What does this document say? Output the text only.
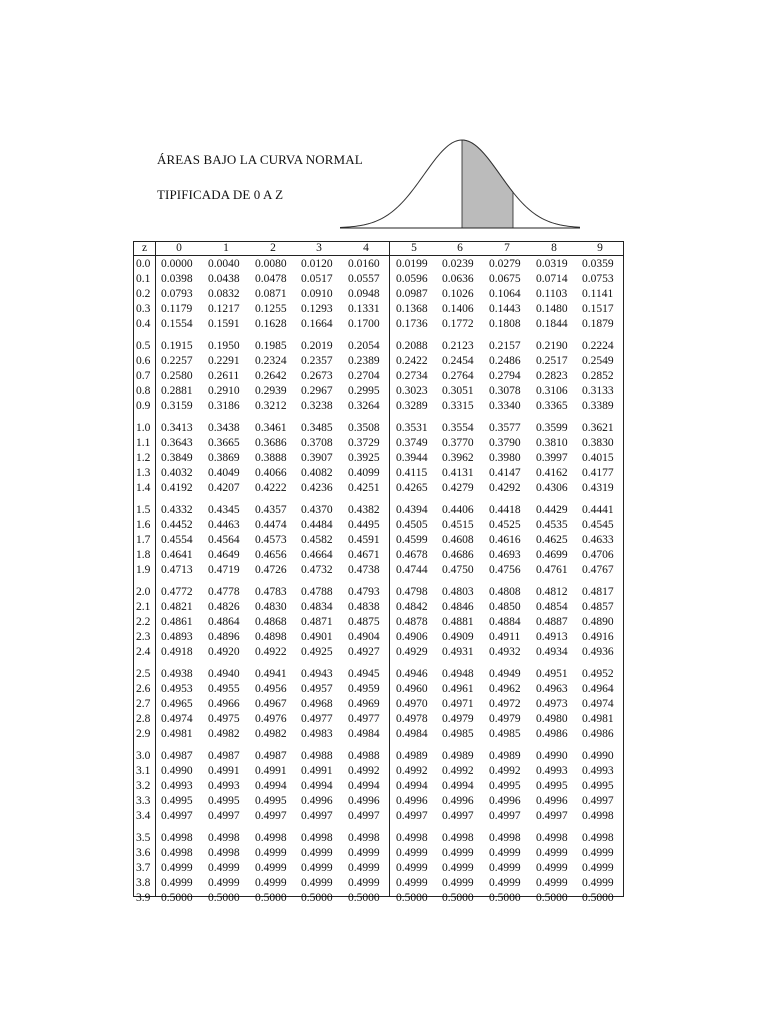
ÁREAS BAJO LA CURVA NORMAL
TIPIFICADA DE 0 A Z
z	0	1	2	3	4	5	6	7	8	9
0.0 0.0000 0.0040 0.0080 0.0120 0.0160 0.0199 0.0239 0.0279 0.0319 0.0359
0.1 0.0398 0.0438 0.0478 0.0517 0.0557 0.0596 0.0636 0.0675 0.0714 0.0753
0.2 0.0793 0.0832 0.0871 0.0910 0.0948 0.0987 0.1026 0.1064 0.1103 0.1141
0.3 0.1179 0.1217 0.1255 0.1293 0.1331 0.1368 0.1406 0.1443 0.1480 0.1517
0.4 0.1554 0.1591 0.1628 0.1664 0.1700 0.1736 0.1772 0.1808 0.1844 0.1879
0.5 0.1915 0.1950 0.1985 0.2019 0.2054 0.2088 0.2123 0.2157 0.2190 0.2224
0.6 0.2257 0.2291 0.2324 0.2357 0.2389 0.2422 0.2454 0.2486 0.2517 0.2549
0.7 0.2580 0.2611 0.2642 0.2673 0.2704 0.2734 0.2764 0.2794 0.2823 0.2852
0.8 0.2881 0.2910 0.2939 0.2967 0.2995 0.3023 0.3051 0.3078 0.3106 0.3133
0.9 0.3159 0.3186 0.3212 0.3238 0.3264 0.3289 0.3315 0.3340 0.3365 0.3389
1.0 0.3413 0.3438 0.3461 0.3485 0.3508 0.3531 0.3554 0.3577 0.3599 0.3621
1.1 0.3643 0.3665 0.3686 0.3708 0.3729 0.3749 0.3770 0.3790 0.3810 0.3830
1.2 0.3849 0.3869 0.3888 0.3907 0.3925 0.3944 0.3962 0.3980 0.3997 0.4015
1.3 0.4032 0.4049 0.4066 0.4082 0.4099 0.4115 0.4131 0.4147 0.4162 0.4177
1.4 0.4192 0.4207 0.4222 0.4236 0.4251 0.4265 0.4279 0.4292 0.4306 0.4319
1.5 0.4332 0.4345 0.4357 0.4370 0.4382 0.4394 0.4406 0.4418 0.4429 0.4441
1.6 0.4452 0.4463 0.4474 0.4484 0.4495 0.4505 0.4515 0.4525 0.4535 0.4545
1.7 0.4554 0.4564 0.4573 0.4582 0.4591 0.4599 0.4608 0.4616 0.4625 0.4633
1.8 0.4641 0.4649 0.4656 0.4664 0.4671 0.4678 0.4686 0.4693 0.4699 0.4706
1.9 0.4713 0.4719 0.4726 0.4732 0.4738 0.4744 0.4750 0.4756 0.4761 0.4767
2.0 0.4772 0.4778 0.4783 0.4788 0.4793 0.4798 0.4803 0.4808 0.4812 0.4817
2.1 0.4821 0.4826 0.4830 0.4834 0.4838 0.4842 0.4846 0.4850 0.4854 0.4857
2.2 0.4861 0.4864 0.4868 0.4871 0.4875 0.4878 0.4881 0.4884 0.4887 0.4890
2.3 0.4893 0.4896 0.4898 0.4901 0.4904 0.4906 0.4909 0.4911 0.4913 0.4916
2.4 0.4918 0.4920 0.4922 0.4925 0.4927 0.4929 0.4931 0.4932 0.4934 0.4936
2.5 0.4938 0.4940 0.4941 0.4943 0.4945 0.4946 0.4948 0.4949 0.4951 0.4952
2.6 0.4953 0.4955 0.4956 0.4957 0.4959 0.4960 0.4961 0.4962 0.4963 0.4964
2.7 0.4965 0.4966 0.4967 0.4968 0.4969 0.4970 0.4971 0.4972 0.4973 0.4974
2.8 0.4974 0.4975 0.4976 0.4977 0.4977 0.4978 0.4979 0.4979 0.4980 0.4981
2.9 0.4981 0.4982 0.4982 0.4983 0.4984 0.4984 0.4985 0.4985 0.4986 0.4986
3.0 0.4987 0.4987 0.4987 0.4988 0.4988 0.4989 0.4989 0.4989 0.4990 0.4990
3.1 0.4990 0.4991 0.4991 0.4991 0.4992 0.4992 0.4992 0.4992 0.4993 0.4993
3.2 0.4993 0.4993 0.4994 0.4994 0.4994 0.4994 0.4994 0.4995 0.4995 0.4995
3.3 0.4995 0.4995 0.4995 0.4996 0.4996 0.4996 0.4996 0.4996 0.4996 0.4997
3.4 0.4997 0.4997 0.4997 0.4997 0.4997 0.4997 0.4997 0.4997 0.4997 0.4998
3.5 0.4998 0.4998 0.4998 0.4998 0.4998 0.4998 0.4998 0.4998 0.4998 0.4998
3.6 0.4998 0.4998 0.4999 0.4999 0.4999 0.4999 0.4999 0.4999 0.4999 0.4999
3.7 0.4999 0.4999 0.4999 0.4999 0.4999 0.4999 0.4999 0.4999 0.4999 0.4999
3.8 0.4999 0.4999 0.4999 0.4999 0.4999 0.4999 0.4999 0.4999 0.4999 0.4999
3.9 0.5000 0.5000 0.5000 0.5000 0.5000 0.5000 0.5000 0.5000 0.5000 0.5000
